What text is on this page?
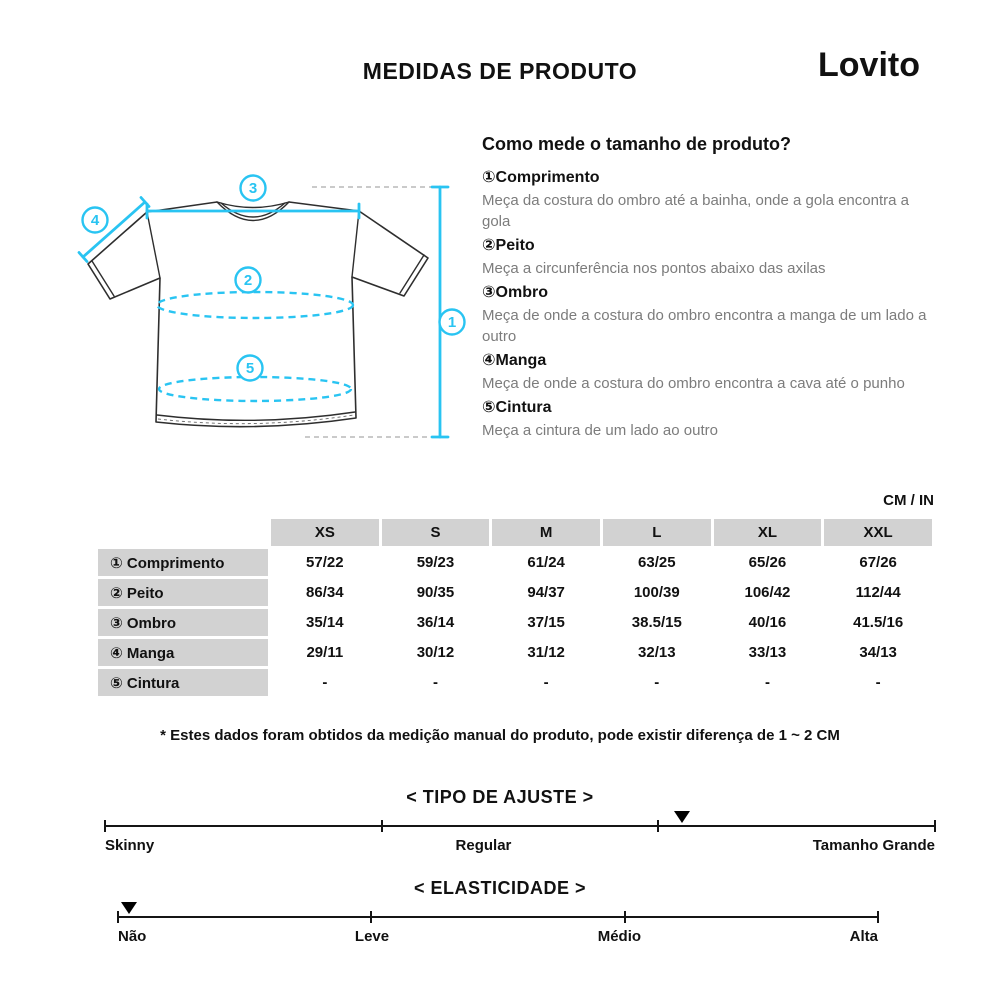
MEDIDAS DE PRODUTO	Lovito
1
2
3
4
5
Como mede o tamanho de produto?
①Comprimento
Meça da costura do ombro até a bainha, onde a gola encontra a gola
②Peito
Meça a circunferência nos pontos abaixo das axilas
③Ombro
Meça de onde a costura do ombro encontra a manga de um lado a outro
④Manga
Meça de onde a costura do ombro encontra a cava até o punho
⑤Cintura
Meça a cintura de um lado ao outro
CM / IN
	XS	S	M	L	XL	XXL
① Comprimento	57/22	59/23	61/24	63/25	65/26	67/26
② Peito	86/34	90/35	94/37	100/39	106/42	112/44
③ Ombro	35/14	36/14	37/15	38.5/15	40/16	41.5/16
④ Manga	29/11	30/12	31/12	32/13	33/13	34/13
⑤ Cintura	-	-	-	-	-	-
* Estes dados foram obtidos da medição manual do produto, pode existir diferença de 1 ~ 2 CM
< TIPO DE AJUSTE >
Skinny	Regular	Tamanho Grande
< ELASTICIDADE >
Não	Leve	Médio	Alta
